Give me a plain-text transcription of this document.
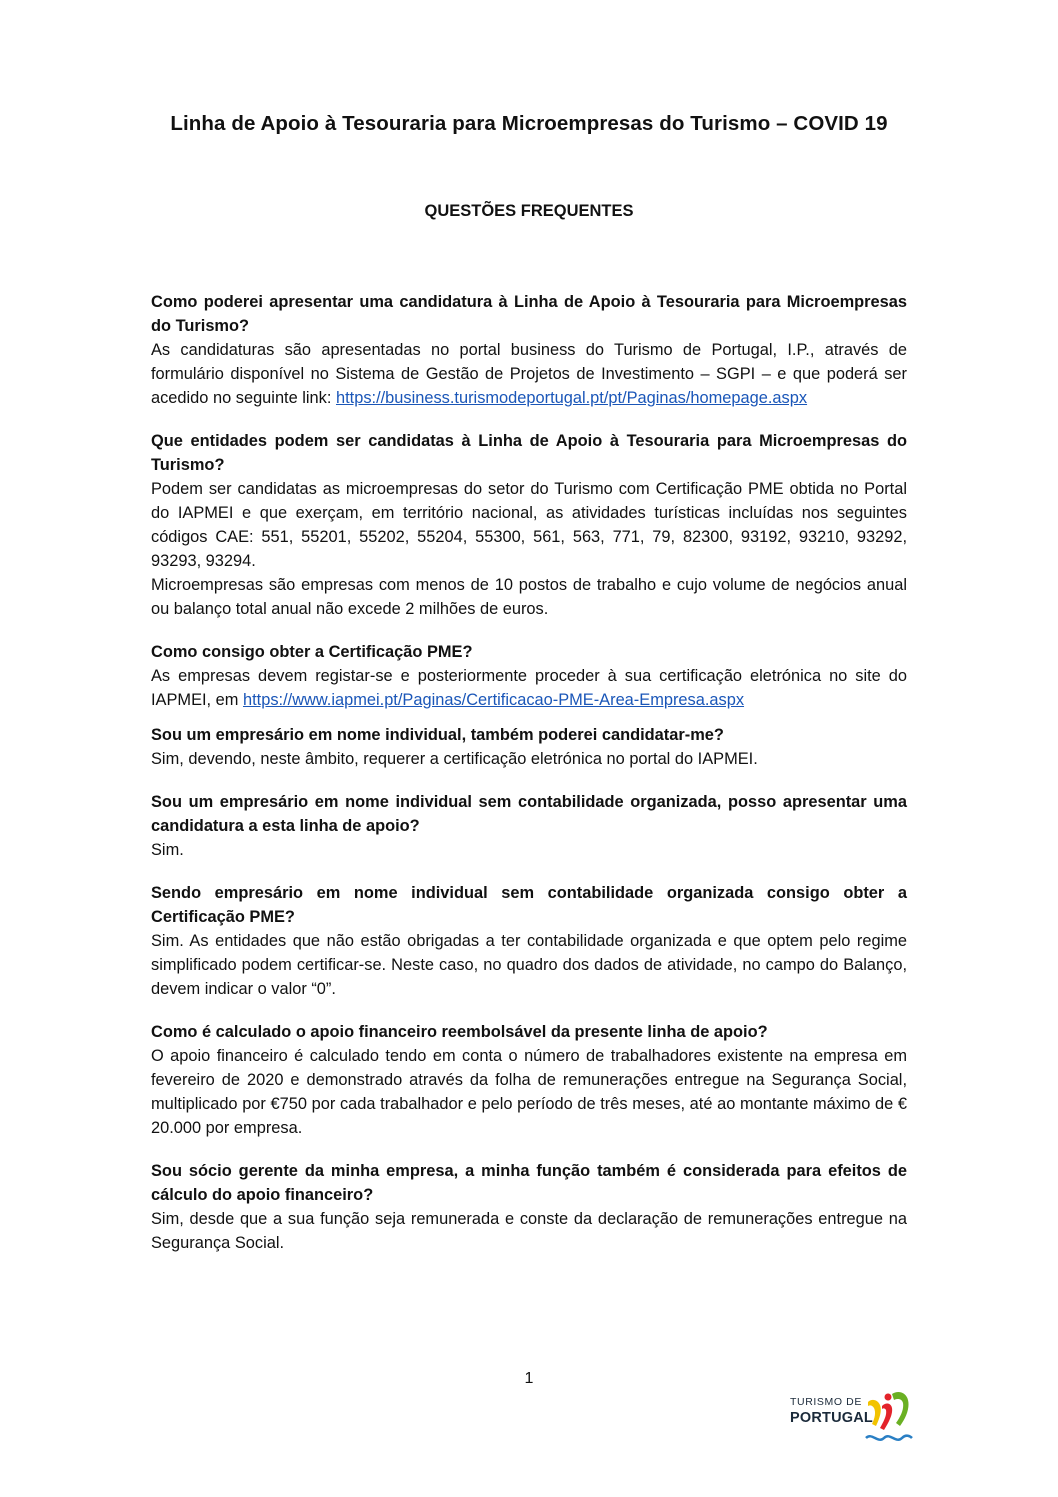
Linha de Apoio à Tesouraria para Microempresas do Turismo – COVID 19
QUESTÕES FREQUENTES
Como poderei apresentar uma candidatura à Linha de Apoio à Tesouraria para Microempresas do Turismo?

As candidaturas são apresentadas no portal business do Turismo de Portugal, I.P., através de formulário disponível no Sistema de Gestão de Projetos de Investimento – SGPI – e que poderá ser acedido no seguinte link: https://business.turismodeportugal.pt/pt/Paginas/homepage.aspx

Que entidades podem ser candidatas à Linha de Apoio à Tesouraria para Microempresas do Turismo?

Podem ser candidatas as microempresas do setor do Turismo com Certificação PME obtida no Portal do IAPMEI e que exerçam, em território nacional, as atividades turísticas incluídas nos seguintes códigos CAE: 551, 55201, 55202, 55204, 55300, 561, 563, 771, 79, 82300, 93192, 93210, 93292, 93293, 93294.

Microempresas são empresas com menos de 10 postos de trabalho e cujo volume de negócios anual ou balanço total anual não excede 2 milhões de euros.

Como consigo obter a Certificação PME?

As empresas devem registar-se e posteriormente proceder à sua certificação eletrónica no site do IAPMEI, em https://www.iapmei.pt/Paginas/Certificacao-PME-Area-Empresa.aspx

Sou um empresário em nome individual, também poderei candidatar-me?

Sim, devendo, neste âmbito, requerer a certificação eletrónica no portal do IAPMEI.

Sou um empresário em nome individual sem contabilidade organizada, posso apresentar uma candidatura a esta linha de apoio?

Sim.

Sendo empresário em nome individual sem contabilidade organizada consigo obter a Certificação PME?

Sim. As entidades que não estão obrigadas a ter contabilidade organizada e que optem pelo regime simplificado podem certificar-se. Neste caso, no quadro dos dados de atividade, no campo do Balanço, devem indicar o valor “0”.

Como é calculado o apoio financeiro reembolsável da presente linha de apoio?

O apoio financeiro é calculado tendo em conta o número de trabalhadores existente na empresa em fevereiro de 2020 e demonstrado através da folha de remunerações entregue na Segurança Social, multiplicado por €750 por cada trabalhador e pelo período de três meses, até ao montante máximo de € 20.000 por empresa.

Sou sócio gerente da minha empresa, a minha função também é considerada para efeitos de cálculo do apoio financeiro?

Sim, desde que a sua função seja remunerada e conste da declaração de remunerações entregue na Segurança Social.

1
TURISMO DE
PORTUGAL
